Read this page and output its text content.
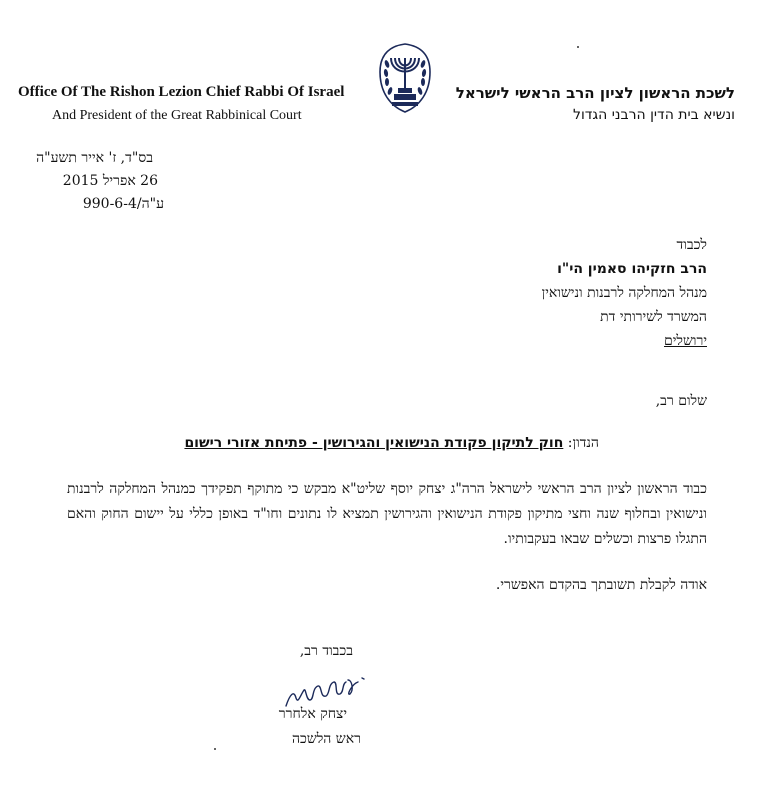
Office Of The Rishon Lezion Chief Rabbi Of Israel
And President of the Great Rabbinical Court
לשכת הראשון לציון הרב הראשי לישראל
ונשיא בית הדין הרבני הגדול
בס"ד, ז' אייר תשע"ה
26 אפריל 2015
ע"ה/990-6-4
לכבוד
הרב חזקיהו סאמין הי"ו
מנהל המחלקה לרבנות ונישואין
המשרד לשירותי דת
ירושלים
שלום רב,
הנדון: חוק לתיקון פקודת הנישואין והגירושין - פתיחת אזורי רישום
כבוד הראשון לציון הרב הראשי לישראל הרה"ג יצחק יוסף שליט"א מבקש כי מתוקף תפקידך כמנהל המחלקה לרבנות ונישואין ובחלוף שנה וחצי מתיקון פקודת הנישואין והגירושין תמציא לו נתונים וחו"ד באופן כללי על יישום החוק והאם התגלו פרצות וכשלים שבאו בעקבותיו.
אודה לקבלת תשובתך בהקדם האפשרי.
בכבוד רב,
יצחק אלחרר
ראש הלשכה
